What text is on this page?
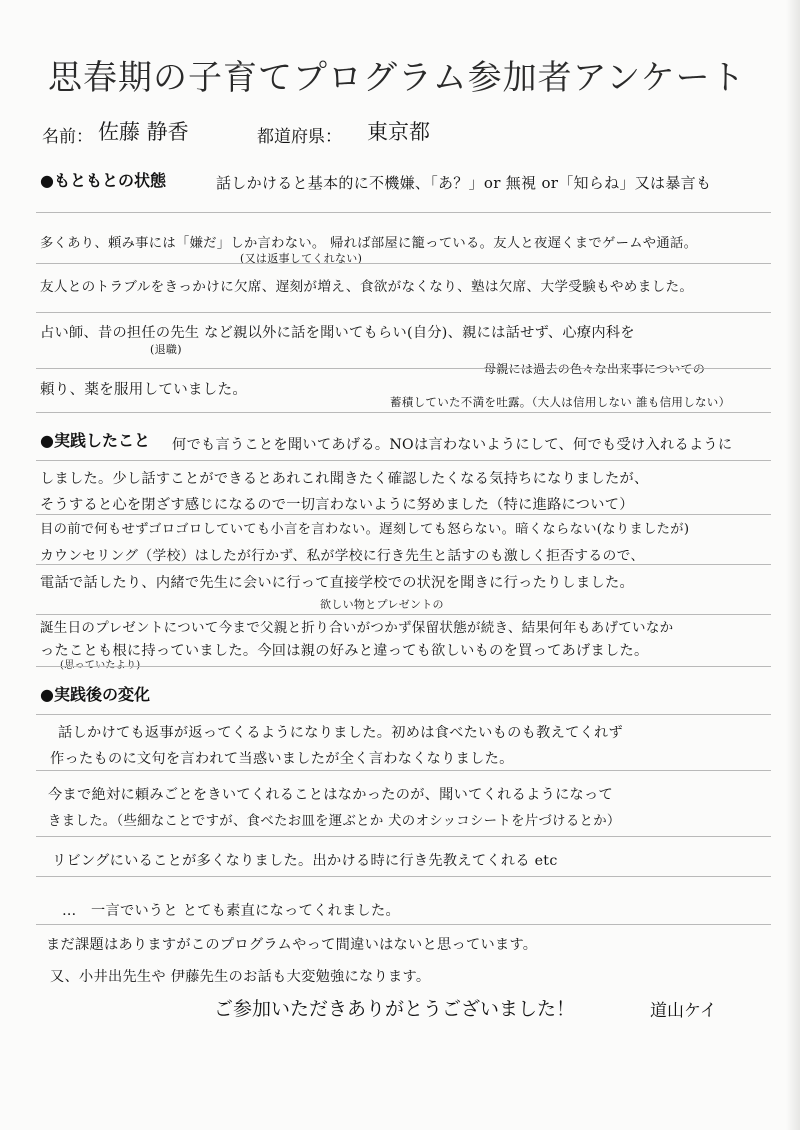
思春期の子育てプログラム参加者アンケート
名前： 佐藤 静香	都道府県： 東京都
●もともとの状態	話しかけると基本的に不機嫌、「あ？」or 無視 or「知らね」又は暴言も
多くあり、頼み事には「嫌だ」しか言わない。 帰れば部屋に籠っている。友人と夜遅くまでゲームや通話。
(又は返事してくれない)
友人とのトラブルをきっかけに欠席、遅刻が増え、食欲がなくなり、塾は欠席、大学受験もやめました。
占い師、昔の担任の先生 など親以外に話を聞いてもらい(自分)、親には話せず、心療内科を
(退職)
母親には過去の色々な出来事についての
頼り、薬を服用していました。
蓄積していた不満を吐露。（大人は信用しない 誰も信用しない）
●実践したこと 何でも言うことを聞いてあげる。NOは言わないようにして、何でも受け入れるように
しました。少し話すことができるとあれこれ聞きたく確認したくなる気持ちになりましたが、
そうすると心を閉ざす感じになるので一切言わないように努めました（特に進路について）
目の前で何もせずゴロゴロしていても小言を言わない。遅刻しても怒らない。暗くならない(なりましたが)
カウンセリング（学校）はしたが行かず、私が学校に行き先生と話すのも激しく拒否するので、
電話で話したり、内緒で先生に会いに行って直接学校での状況を聞きに行ったりしました。
欲しい物とプレゼントの
誕生日のプレゼントについて今まで父親と折り合いがつかず保留状態が続き、結果何年もあげていなか
ったことも根に持っていました。今回は親の好みと違っても欲しいものを買ってあげました。
(思っていたより)
●実践後の変化
話しかけても返事が返ってくるようになりました。初めは食べたいものも教えてくれず
作ったものに文句を言われて当惑いましたが全く言わなくなりました。
今まで絶対に頼みごとをきいてくれることはなかったのが、聞いてくれるようになって
きました。（些細なことですが、食べたお皿を運ぶとか 犬のオシッコシートを片づけるとか）
リビングにいることが多くなりました。出かける時に行き先教えてくれる etc
…　一言でいうと とても素直になってくれました。
まだ課題はありますがこのプログラムやって間違いはないと思っています。
又、小井出先生や 伊藤先生のお話も大変勉強になります。
ご参加いただきありがとうございました！	道山ケイ
